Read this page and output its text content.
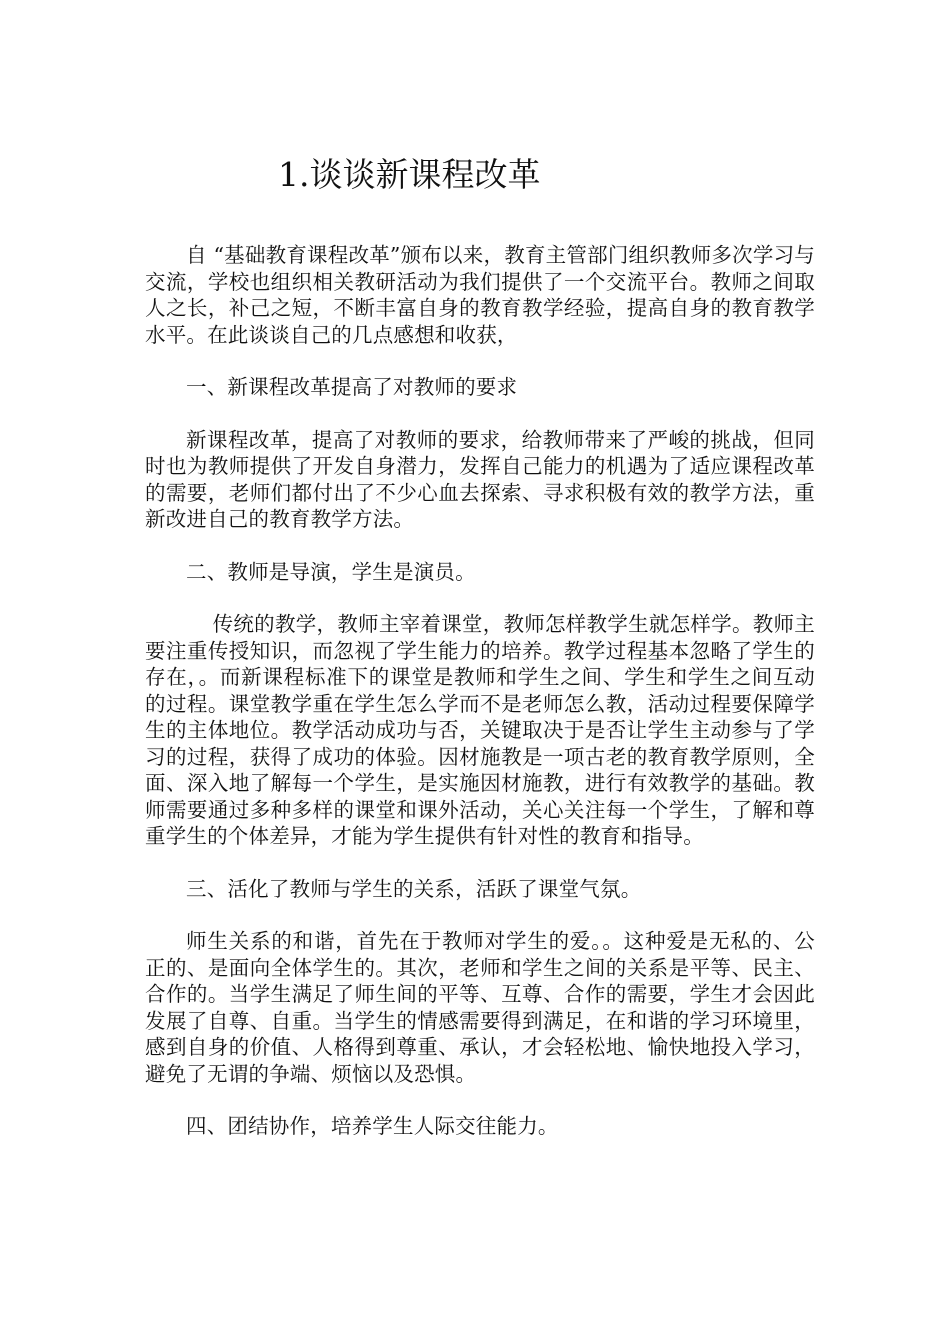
1.谈谈新课程改革

自 “基础教育课程改革”颁布以来，教育主管部门组织教师多次学习与交流，学校也组织相关教研活动为我们提供了一个交流平台。教师之间取人之长，补己之短，不断丰富自身的教育教学经验，提高自身的教育教学水平。在此谈谈自己的几点感想和收获，

一、新课程改革提高了对教师的要求

新课程改革，提高了对教师的要求，给教师带来了严峻的挑战，但同时也为教师提供了开发自身潜力，发挥自己能力的机遇为了适应课程改革的需要，老师们都付出了不少心血去探索、寻求积极有效的教学方法，重新改进自己的教育教学方法。

二、教师是导演，学生是演员。

传统的教学，教师主宰着课堂，教师怎样教学生就怎样学。教师主要注重传授知识，而忽视了学生能力的培养。教学过程基本忽略了学生的存在，。而新课程标准下的课堂是教师和学生之间、学生和学生之间互动的过程。课堂教学重在学生怎么学而不是老师怎么教，活动过程要保障学生的主体地位。教学活动成功与否，关键取决于是否让学生主动参与了学习的过程，获得了成功的体验。因材施教是一项古老的教育教学原则，全面、深入地了解每一个学生，是实施因材施教，进行有效教学的基础。教师需要通过多种多样的课堂和课外活动，关心关注每一个学生，了解和尊重学生的个体差异，才能为学生提供有针对性的教育和指导。

三、活化了教师与学生的关系，活跃了课堂气氛。

师生关系的和谐，首先在于教师对学生的爱。。这种爱是无私的、公正的、是面向全体学生的。其次，老师和学生之间的关系是平等、民主、合作的。当学生满足了师生间的平等、互尊、合作的需要，学生才会因此发展了自尊、自重。当学生的情感需要得到满足，在和谐的学习环境里，感到自身的价值、人格得到尊重、承认，才会轻松地、愉快地投入学习，避免了无谓的争端、烦恼以及恐惧。

四、团结协作，培养学生人际交往能力。
